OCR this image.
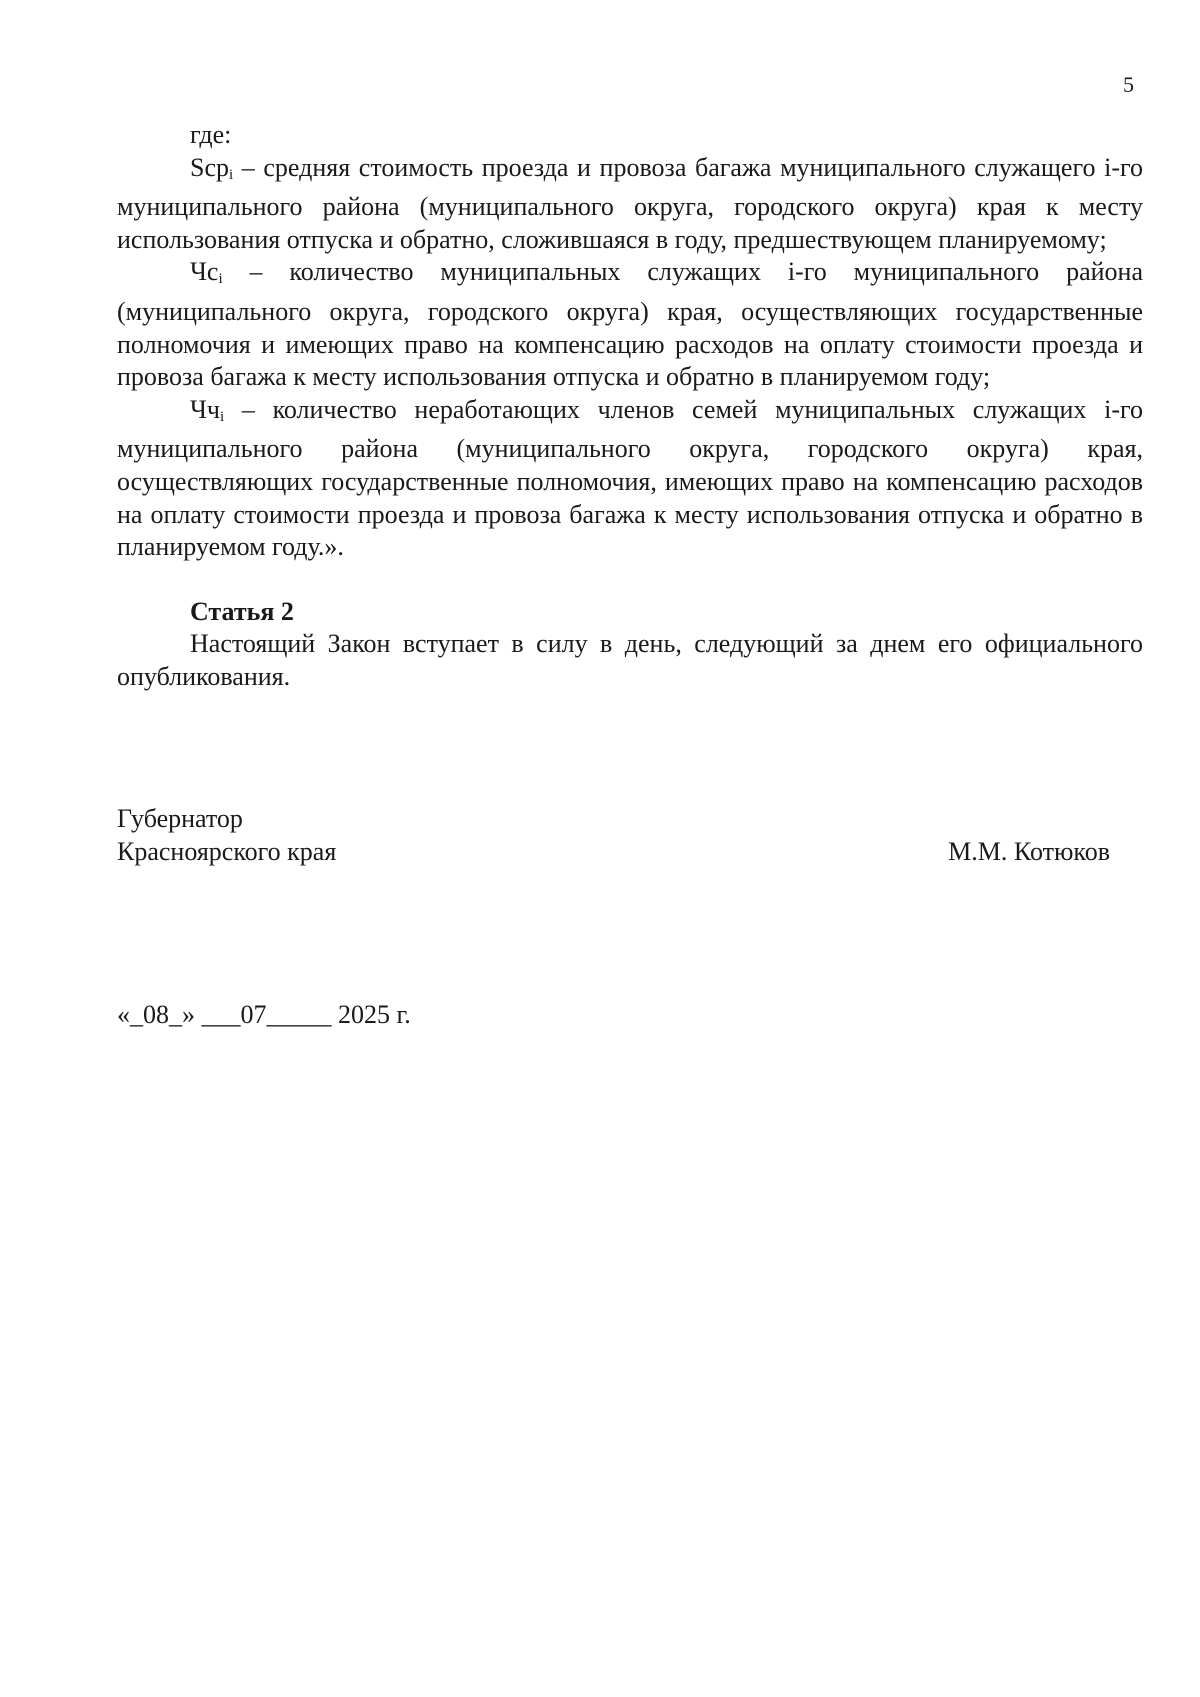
5

где:

Sср$_i$ – средняя стоимость проезда и провоза багажа муниципального служащего i-го муниципального района (муниципального округа, городского округа) края к месту использования отпуска и обратно, сложившаяся в году, предшествующем планируемому;

$Чс_i$ – количество муниципальных служащих i-го муниципального района (муниципального округа, городского округа) края, осуществляющих государственные полномочия и имеющих право на компенсацию расходов на оплату стоимости проезда и провоза багажа к месту использования отпуска и обратно в планируемом году;

$Чч_i$ – количество неработающих членов семей муниципальных служащих i-го муниципального района (муниципального округа, городского округа) края, осуществляющих государственные полномочия, имеющих право на компенсацию расходов на оплату стоимости проезда и провоза багажа к месту использования отпуска и обратно в планируемом году.».

Статья 2

Настоящий Закон вступает в силу в день, следующий за днем его официального опубликования.

Губернатор
Красноярского края	М.М. Котюков
«_08_» ___07_____ 2025 г.
